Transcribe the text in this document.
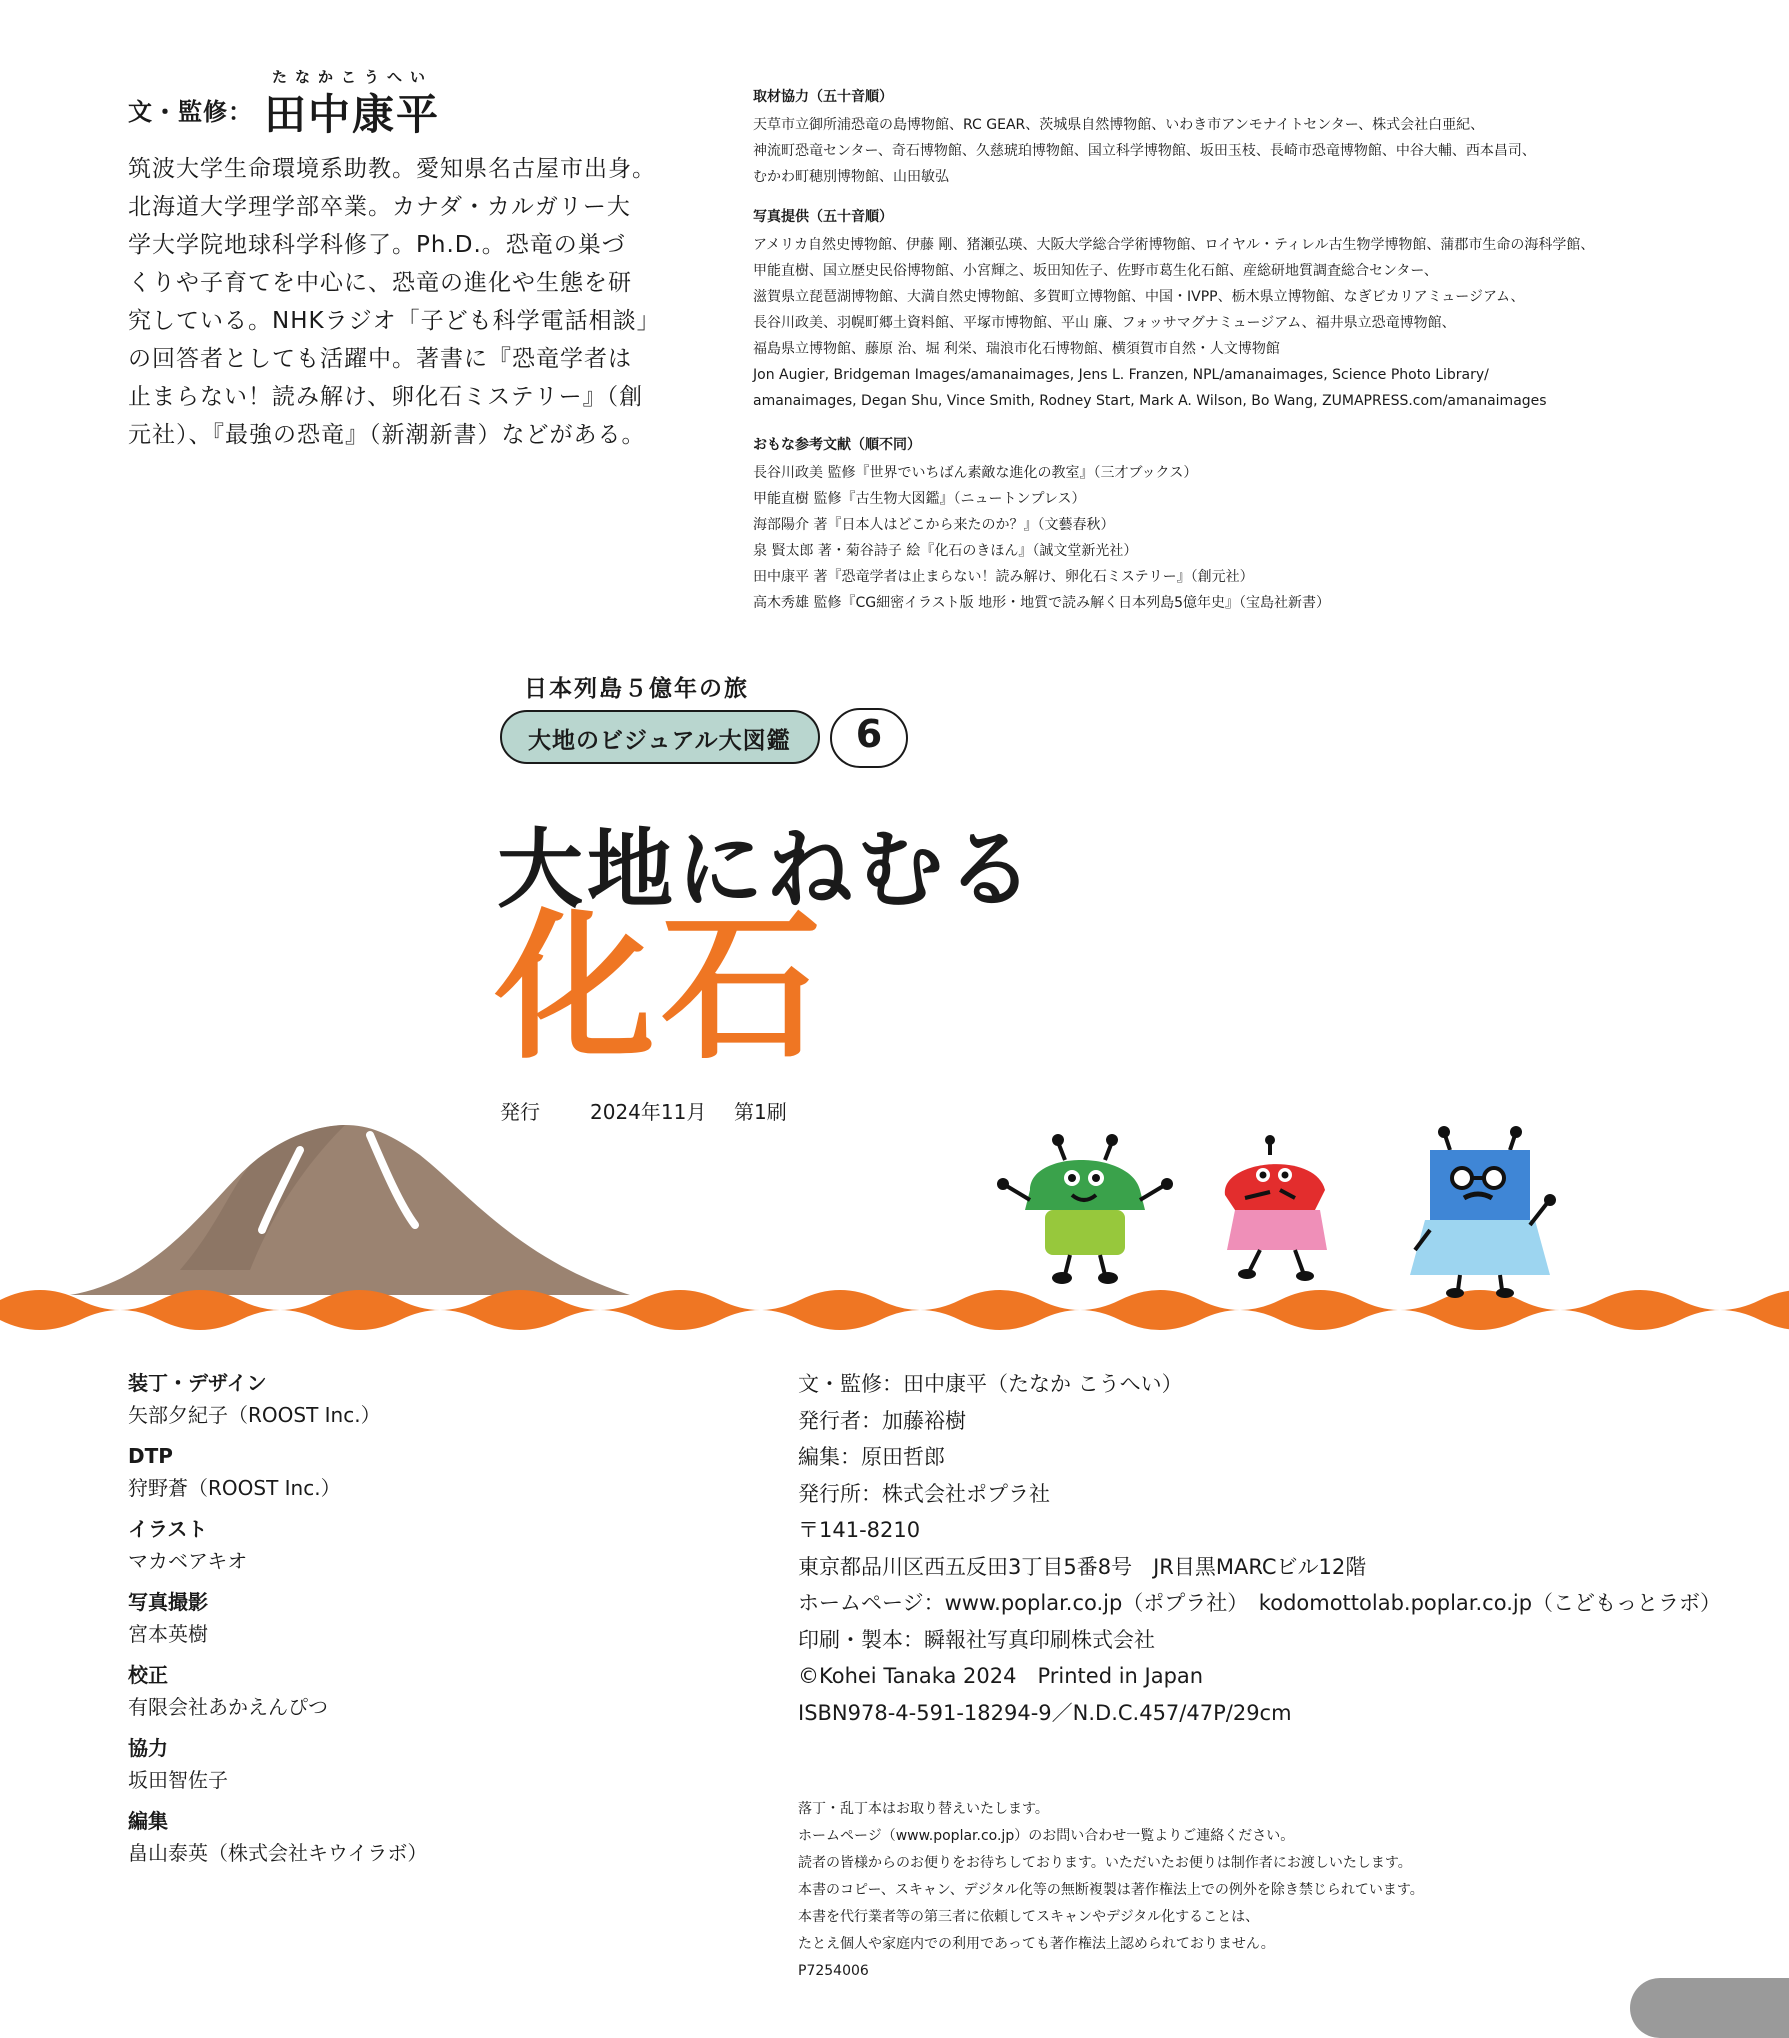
文・監修：
たなかこうへい
田中康平

筑波大学生命環境系助教。愛知県名古屋市出身。

北海道大学理学部卒業。カナダ・カルガリー大

学大学院地球科学科修了。Ph.D.。恐竜の巣づ

くりや子育てを中心に、恐竜の進化や生態を研

究している。NHKラジオ「子ども科学電話相談」

の回答者としても活躍中。著書に『恐竜学者は

止まらない！読み解け、卵化石ミステリー』（創

元社）、『最強の恐竜』（新潮新書）などがある。

取材協力（五十音順）

天草市立御所浦恐竜の島博物館、RC GEAR、茨城県自然博物館、いわき市アンモナイトセンター、株式会社白亜紀、

神流町恐竜センター、奇石博物館、久慈琥珀博物館、国立科学博物館、坂田玉枝、長崎市恐竜博物館、中谷大輔、西本昌司、

むかわ町穂別博物館、山田敏弘

写真提供（五十音順）

アメリカ自然史博物館、伊藤 剛、猪瀬弘瑛、大阪大学総合学術博物館、ロイヤル・ティレル古生物学博物館、蒲郡市生命の海科学館、

甲能直樹、国立歴史民俗博物館、小宮輝之、坂田知佐子、佐野市葛生化石館、産総研地質調査総合センター、

滋賀県立琵琶湖博物館、大満自然史博物館、多賀町立博物館、中国・IVPP、栃木県立博物館、なぎビカリアミュージアム、

長谷川政美、羽幌町郷土資料館、平塚市博物館、平山 廉、フォッサマグナミュージアム、福井県立恐竜博物館、

福島県立博物館、藤原 治、堀 利栄、瑞浪市化石博物館、横須賀市自然・人文博物館

Jon Augier, Bridgeman Images/amanaimages, Jens L. Franzen, NPL/amanaimages, Science Photo Library/

amanaimages, Degan Shu, Vince Smith, Rodney Start, Mark A. Wilson, Bo Wang, ZUMAPRESS.com/amanaimages

おもな参考文献（順不同）

長谷川政美 監修『世界でいちばん素敵な進化の教室』（三才ブックス）

甲能直樹 監修『古生物大図鑑』（ニュートンプレス）

海部陽介 著『日本人はどこから来たのか？』（文藝春秋）

泉 賢太郎 著・菊谷詩子 絵『化石のきほん』（誠文堂新光社）

田中康平 著『恐竜学者は止まらない！読み解け、卵化石ミステリー』（創元社）

高木秀雄 監修『CG細密イラスト版 地形・地質で読み解く日本列島5億年史』（宝島社新書）

日本列島５億年の旅
大地のビジュアル大図鑑	6
大地にねむる
化石
発行	2024年11月 第1刷

装丁・デザイン

矢部夕紀子（ROOST Inc.）

DTP

狩野蒼（ROOST Inc.）

イラスト

マカベアキオ

写真撮影

宮本英樹

校正

有限会社あかえんぴつ

協力

坂田智佐子

編集

畠山泰英（株式会社キウイラボ）

文・監修：田中康平（たなか こうへい）

発行者：加藤裕樹

編集：原田哲郎

発行所：株式会社ポプラ社

〒141-8210

東京都品川区西五反田3丁目5番8号　JR目黒MARCビル12階

ホームページ：www.poplar.co.jp（ポプラ社）　kodomottolab.poplar.co.jp（こどもっとラボ）

印刷・製本：瞬報社写真印刷株式会社

©Kohei Tanaka 2024　Printed in Japan

ISBN978-4-591-18294-9／N.D.C.457/47P/29cm

落丁・乱丁本はお取り替えいたします。

ホームページ（www.poplar.co.jp）のお問い合わせ一覧よりご連絡ください。

読者の皆様からのお便りをお待ちしております。いただいたお便りは制作者にお渡しいたします。

本書のコピー、スキャン、デジタル化等の無断複製は著作権法上での例外を除き禁じられています。

本書を代行業者等の第三者に依頼してスキャンやデジタル化することは、

たとえ個人や家庭内での利用であっても著作権法上認められておりません。

P7254006
